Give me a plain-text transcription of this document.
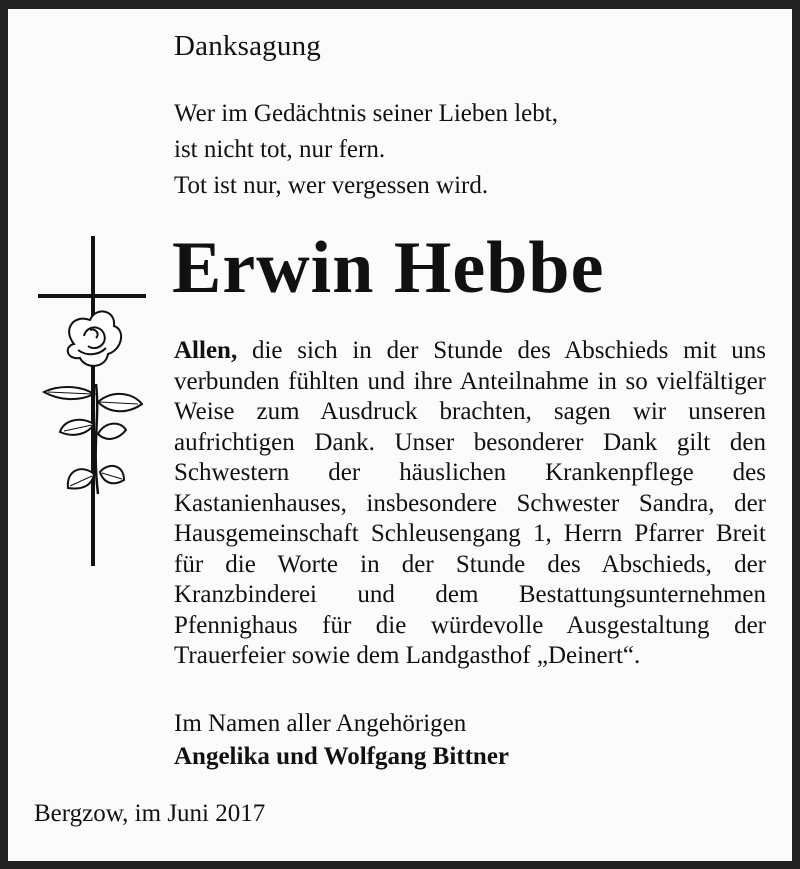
Danksagung
Wer im Gedächtnis seiner Lieben lebt,
ist nicht tot, nur fern.
Tot ist nur, wer vergessen wird.
Erwin Hebbe
Allen, die sich in der Stunde des Abschieds mit uns verbunden fühlten und ihre Anteilnahme in so vielfältiger Weise zum Ausdruck brachten, sagen wir unseren aufrichtigen Dank. Unser besonderer Dank gilt den Schwestern der häuslichen Krankenpflege des Kastanienhauses, insbesondere Schwester Sandra, der Hausgemeinschaft Schleusengang 1, Herrn Pfarrer Breit für die Worte in der Stunde des Abschieds, der Kranzbinderei und dem Bestattungsunternehmen Pfennighaus für die würdevolle Ausgestaltung der Trauerfeier sowie dem Landgasthof „Deinert“.
Im Namen aller Angehörigen
Angelika und Wolfgang Bittner
Bergzow, im Juni 2017
